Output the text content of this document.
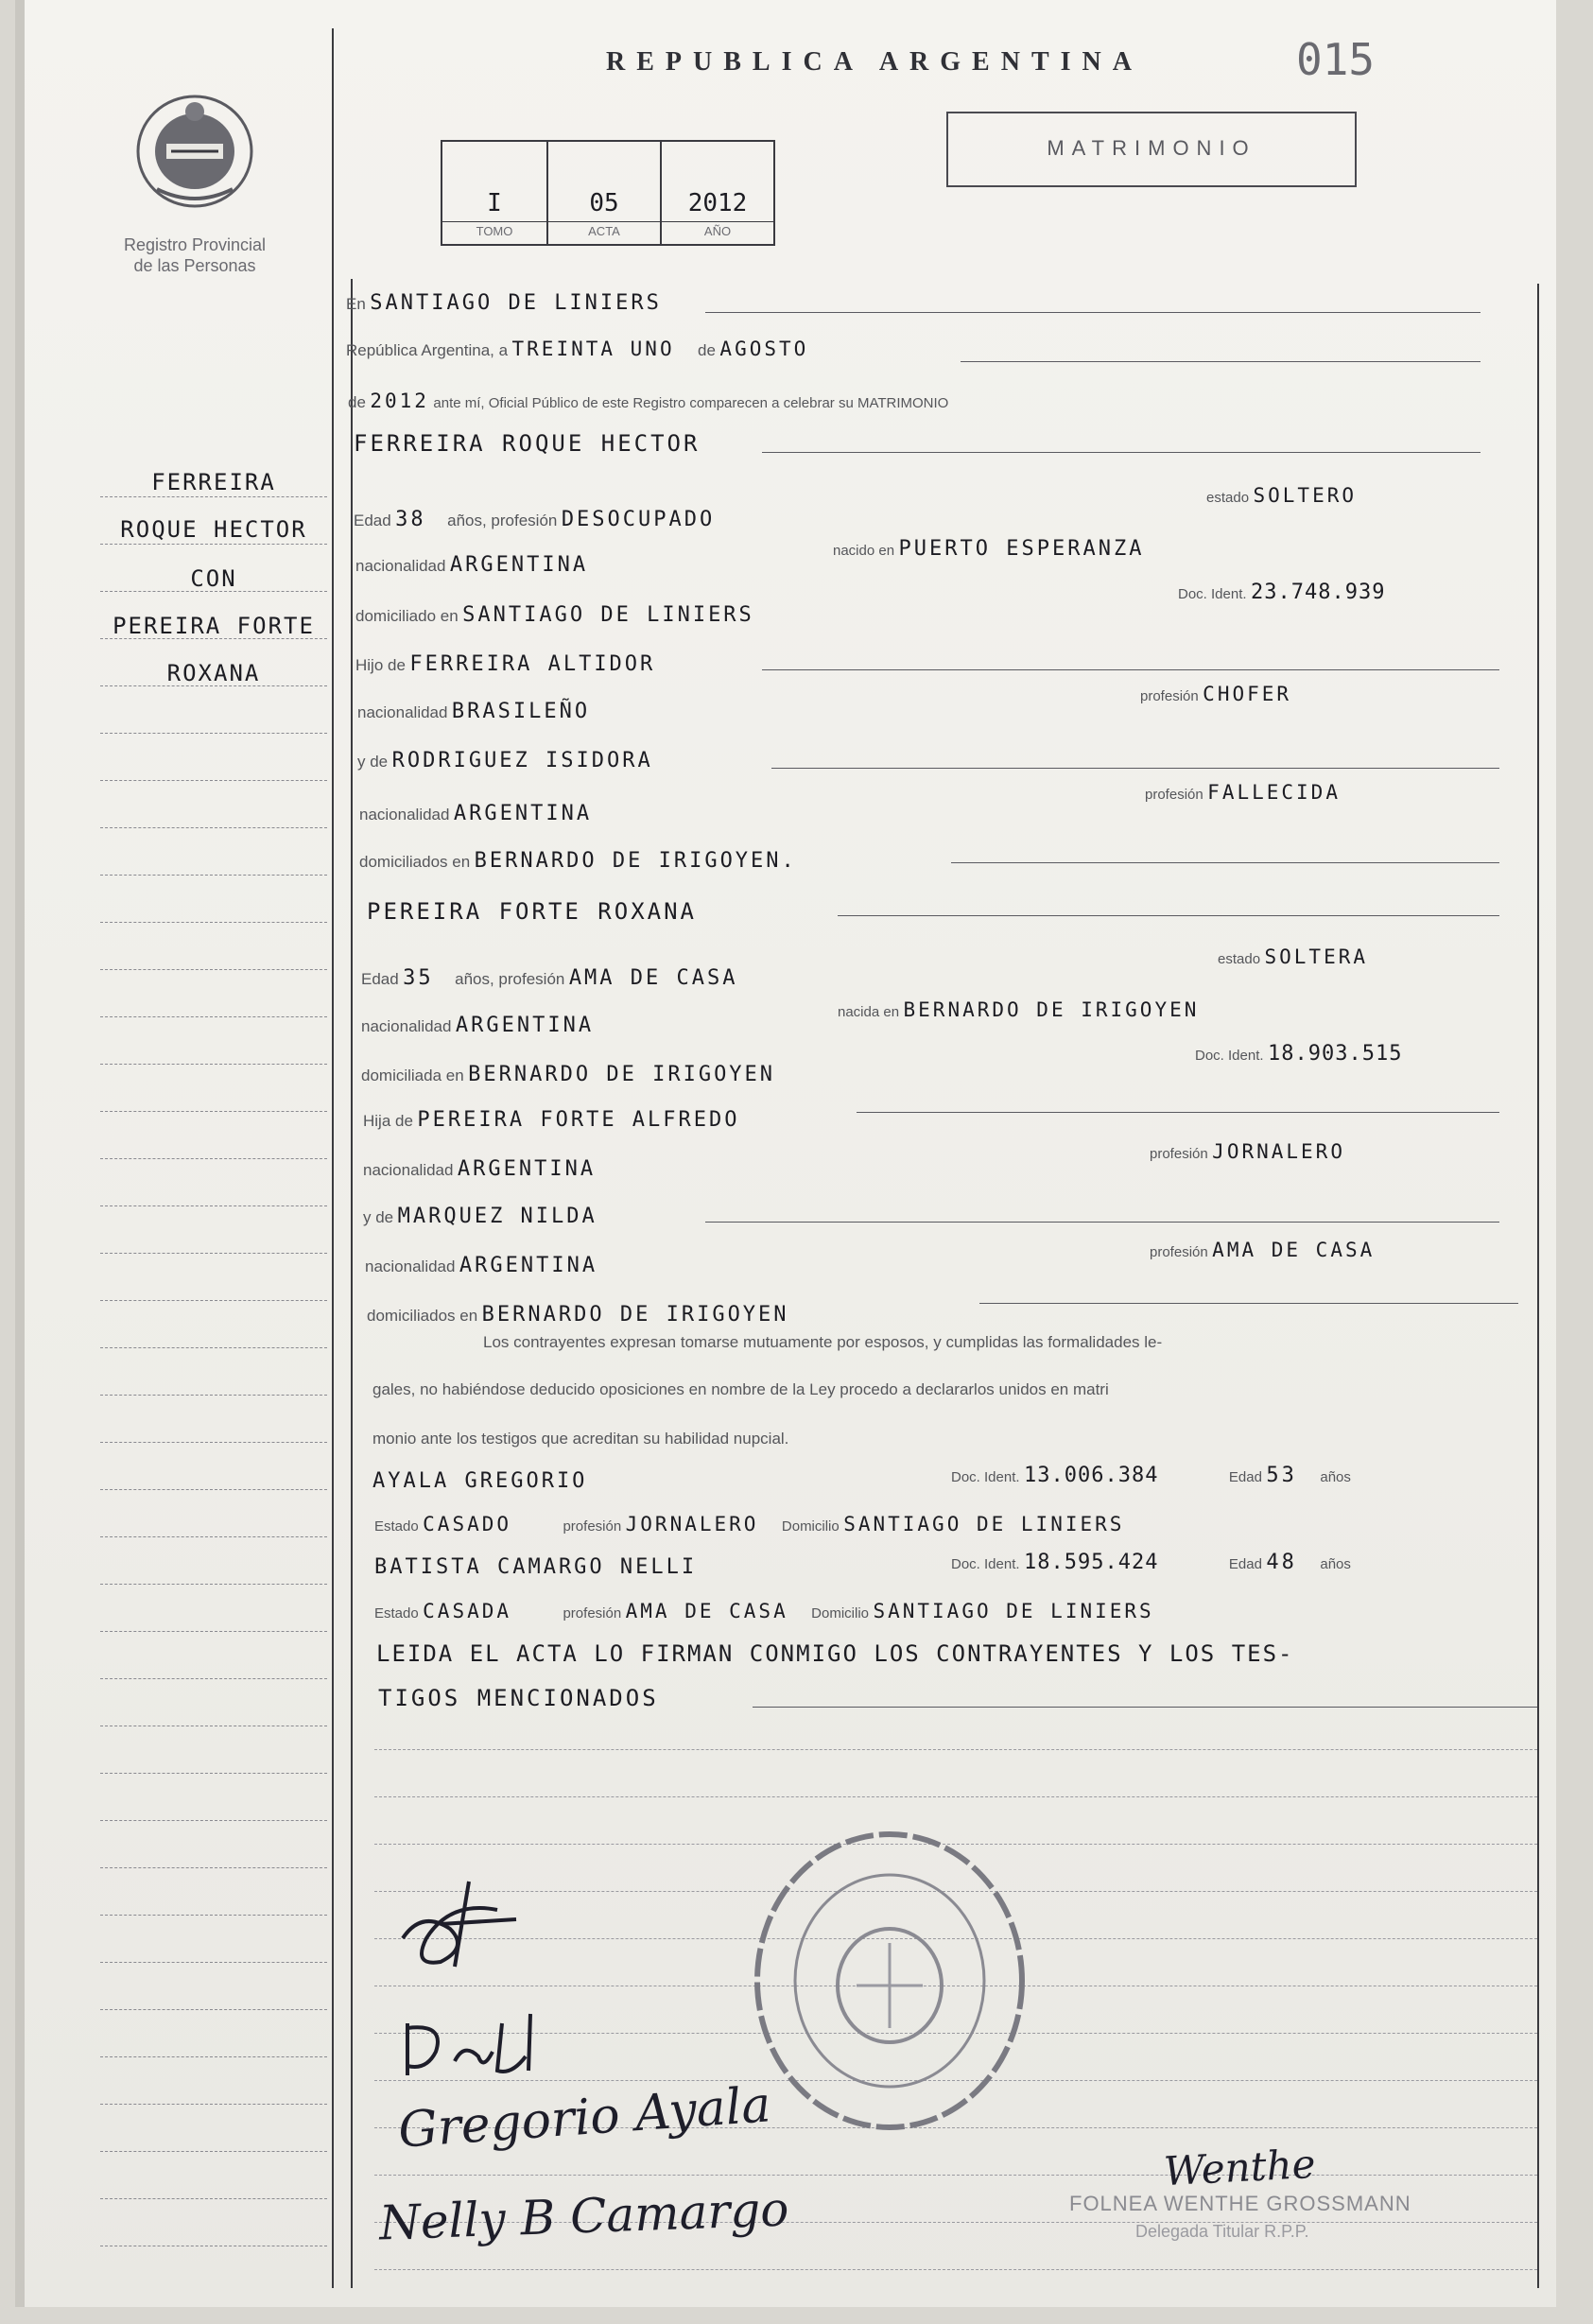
REPUBLICA ARGENTINA	015
Registro Provincial
de las Personas
I
TOMO
05
ACTA
2012
AÑO
MATRIMONIO
FERREIRA
ROQUE HECTOR
CON
PEREIRA FORTE
ROXANA
En SANTIAGO DE LINIERS
República Argentina, a TREINTA UNO de AGOSTO
de 2012 ante mí, Oficial Público de este Registro comparecen a celebrar su MATRIMONIO
FERREIRA ROQUE HECTOR
Edad 38 años, profesión DESOCUPADO
estado SOLTERO
nacionalidad ARGENTINA
nacido en PUERTO ESPERANZA
domiciliado en SANTIAGO DE LINIERS
Doc. Ident. 23.748.939
Hijo de FERREIRA ALTIDOR
nacionalidad BRASILEÑO
profesión CHOFER
y de RODRIGUEZ ISIDORA
nacionalidad ARGENTINA
profesión FALLECIDA
domiciliados en BERNARDO DE IRIGOYEN.
PEREIRA FORTE ROXANA
Edad 35 años, profesión AMA DE CASA
estado SOLTERA
nacionalidad ARGENTINA
nacida en BERNARDO DE IRIGOYEN
domiciliada en BERNARDO DE IRIGOYEN
Doc. Ident. 18.903.515
Hija de PEREIRA FORTE ALFREDO
nacionalidad ARGENTINA
profesión JORNALERO
y de MARQUEZ NILDA
nacionalidad ARGENTINA
profesión AMA DE CASA
domiciliados en BERNARDO DE IRIGOYEN
Los contrayentes expresan tomarse mutuamente por esposos, y cumplidas las formalidades le-
gales, no habiéndose deducido oposiciones en nombre de la Ley procedo a declararlos unidos en matri
monio ante los testigos que acreditan su habilidad nupcial.
AYALA GREGORIO	Doc. Ident. 13.006.384	Edad 53 años
Estado CASADO	profesión JORNALERO Domicilio SANTIAGO DE LINIERS
BATISTA CAMARGO NELLI	Doc. Ident. 18.595.424	Edad 48 años
Estado CASADA	profesión AMA DE CASA Domicilio SANTIAGO DE LINIERS
LEIDA EL ACTA LO FIRMAN CONMIGO LOS CONTRAYENTES Y LOS TES-
TIGOS MENCIONADOS
Gregorio Ayala
Nelly B Camargo
Wenthe
FOLNEA WENTHE GROSSMANN
Delegada Titular R.P.P.
